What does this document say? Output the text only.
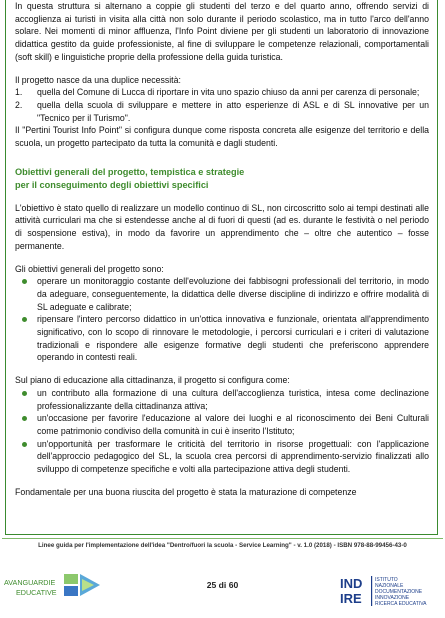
In questa struttura si alternano a coppie gli studenti del terzo e del quarto anno, offrendo servizi di accoglienza ai turisti in visita alla città non solo durante il periodo scolastico, ma in tutto l'arco dell'anno solare. Nei momenti di minor affluenza, l'Info Point diviene per gli studenti un laboratorio di innovazione didattica gestito da guide professioniste, al fine di sviluppare le competenze relazionali, comportamentali (soft skill) e linguistiche proprie della professione della guida turistica.

Il progetto nasce da una duplice necessità:

1. quella del Comune di Lucca di riportare in vita uno spazio chiuso da anni per carenza di personale;
2. quella della scuola di sviluppare e mettere in atto esperienze di ASL e di SL innovative per un "Tecnico per il Turismo".

Il "Pertini Tourist Info Point" si configura dunque come risposta concreta alle esigenze del territorio e della scuola, un progetto partecipato da tutta la comunità e dagli studenti.

Obiettivi generali del progetto, tempistica e strategie
per il conseguimento degli obiettivi specifici

L'obiettivo è stato quello di realizzare un modello continuo di SL, non circoscritto solo ai tempi destinati alle attività curriculari ma che si estendesse anche al di fuori di questi (ad es. durante le festività o nel periodo di sospensione estiva), in modo da favorire un apprendimento che – oltre che autentico – fosse permanente.

Gli obiettivi generali del progetto sono:

operare un monitoraggio costante dell'evoluzione dei fabbisogni professionali del territorio, in modo da adeguare, conseguentemente, la didattica delle diverse discipline di indirizzo e offrire modalità di SL adeguate e calibrate;
ripensare l'intero percorso didattico in un'ottica innovativa e funzionale, orientata all'apprendimento significativo, con lo scopo di rinnovare le metodologie, i percorsi curriculari e i criteri di valutazione tradizionali e rispondere alle esigenze formative degli studenti che preferiscono apprendere operando in contesti reali.

Sul piano di educazione alla cittadinanza, il progetto si configura come:

un contributo alla formazione di una cultura dell'accoglienza turistica, intesa come declinazione professionalizzante della cittadinanza attiva;
un'occasione per favorire l'educazione al valore dei luoghi e al riconoscimento dei Beni Culturali come patrimonio condiviso della comunità in cui è inserito l'Istituto;
un'opportunità per trasformare le criticità del territorio in risorse progettuali: con l'applicazione dell'approccio pedagogico del SL, la scuola crea percorsi di apprendimento-servizio finalizzati allo sviluppo di competenze specifiche e volti alla partecipazione attiva degli studenti.

Fondamentale per una buona riuscita del progetto è stata la maturazione di competenze

Linee guida per l'implementazione dell'idea "Dentro/fuori la scuola - Service Learning" - v. 1.0 (2018) - ISBN 978-88-99456-43-0
AVANGUARDIE
EDUCATIVE
25 di 60	IND
IRE
ISTITUTO
NAZIONALE
DOCUMENTAZIONE
INNOVAZIONE
RICERCA EDUCATIVA
